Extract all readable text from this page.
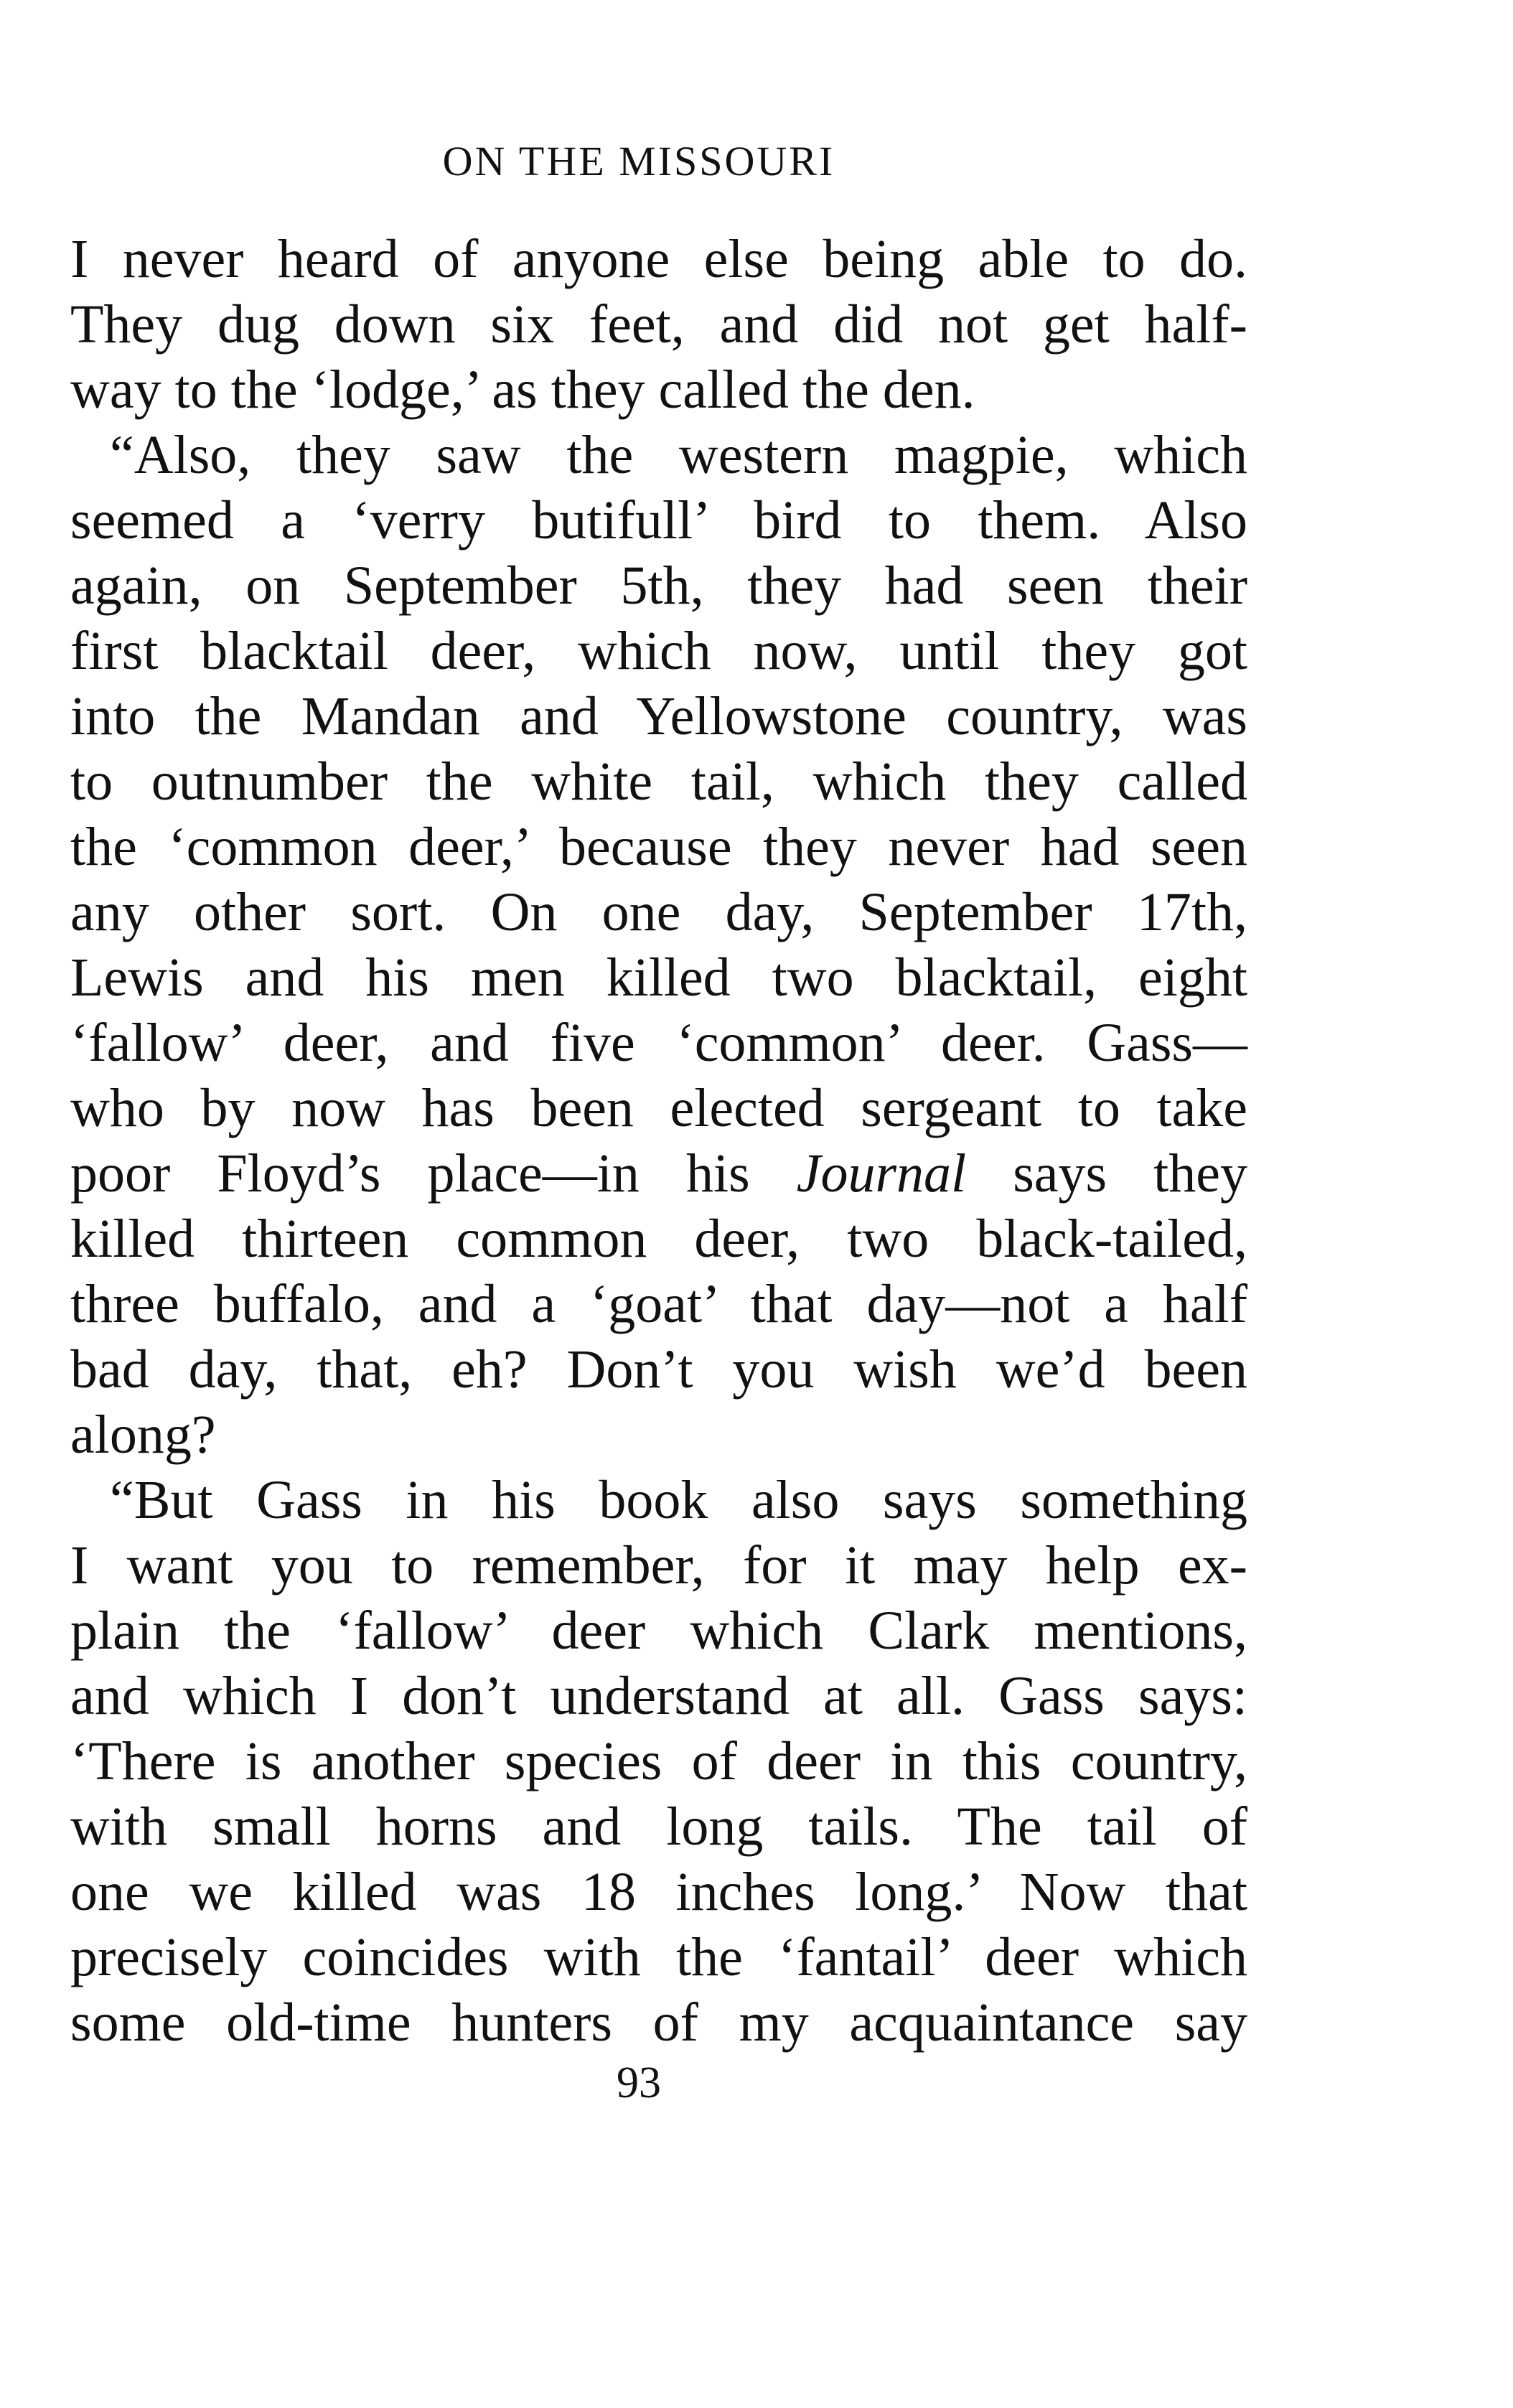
ON THE MISSOURI
I never heard of anyone else being able to do.
They dug down six feet, and did not get half-
way to the ‘lodge,’ as they called the den.
“Also, they saw the western magpie, which
seemed a ‘verry butifull’ bird to them. Also
again, on September 5th, they had seen their
first blacktail deer, which now, until they got
into the Mandan and Yellowstone country, was
to outnumber the white tail, which they called
the ‘common deer,’ because they never had seen
any other sort. On one day, September 17th,
Lewis and his men killed two blacktail, eight
‘fallow’ deer, and five ‘common’ deer. Gass—
who by now has been elected sergeant to take
poor Floyd’s place—in his Journal says they
killed thirteen common deer, two black-tailed,
three buffalo, and a ‘goat’ that day—not a half
bad day, that, eh? Don’t you wish we’d been
along?
“But Gass in his book also says something
I want you to remember, for it may help ex-
plain the ‘fallow’ deer which Clark mentions,
and which I don’t understand at all. Gass says:
‘There is another species of deer in this country,
with small horns and long tails. The tail of
one we killed was 18 inches long.’ Now that
precisely coincides with the ‘fantail’ deer which
some old-time hunters of my acquaintance say
93
